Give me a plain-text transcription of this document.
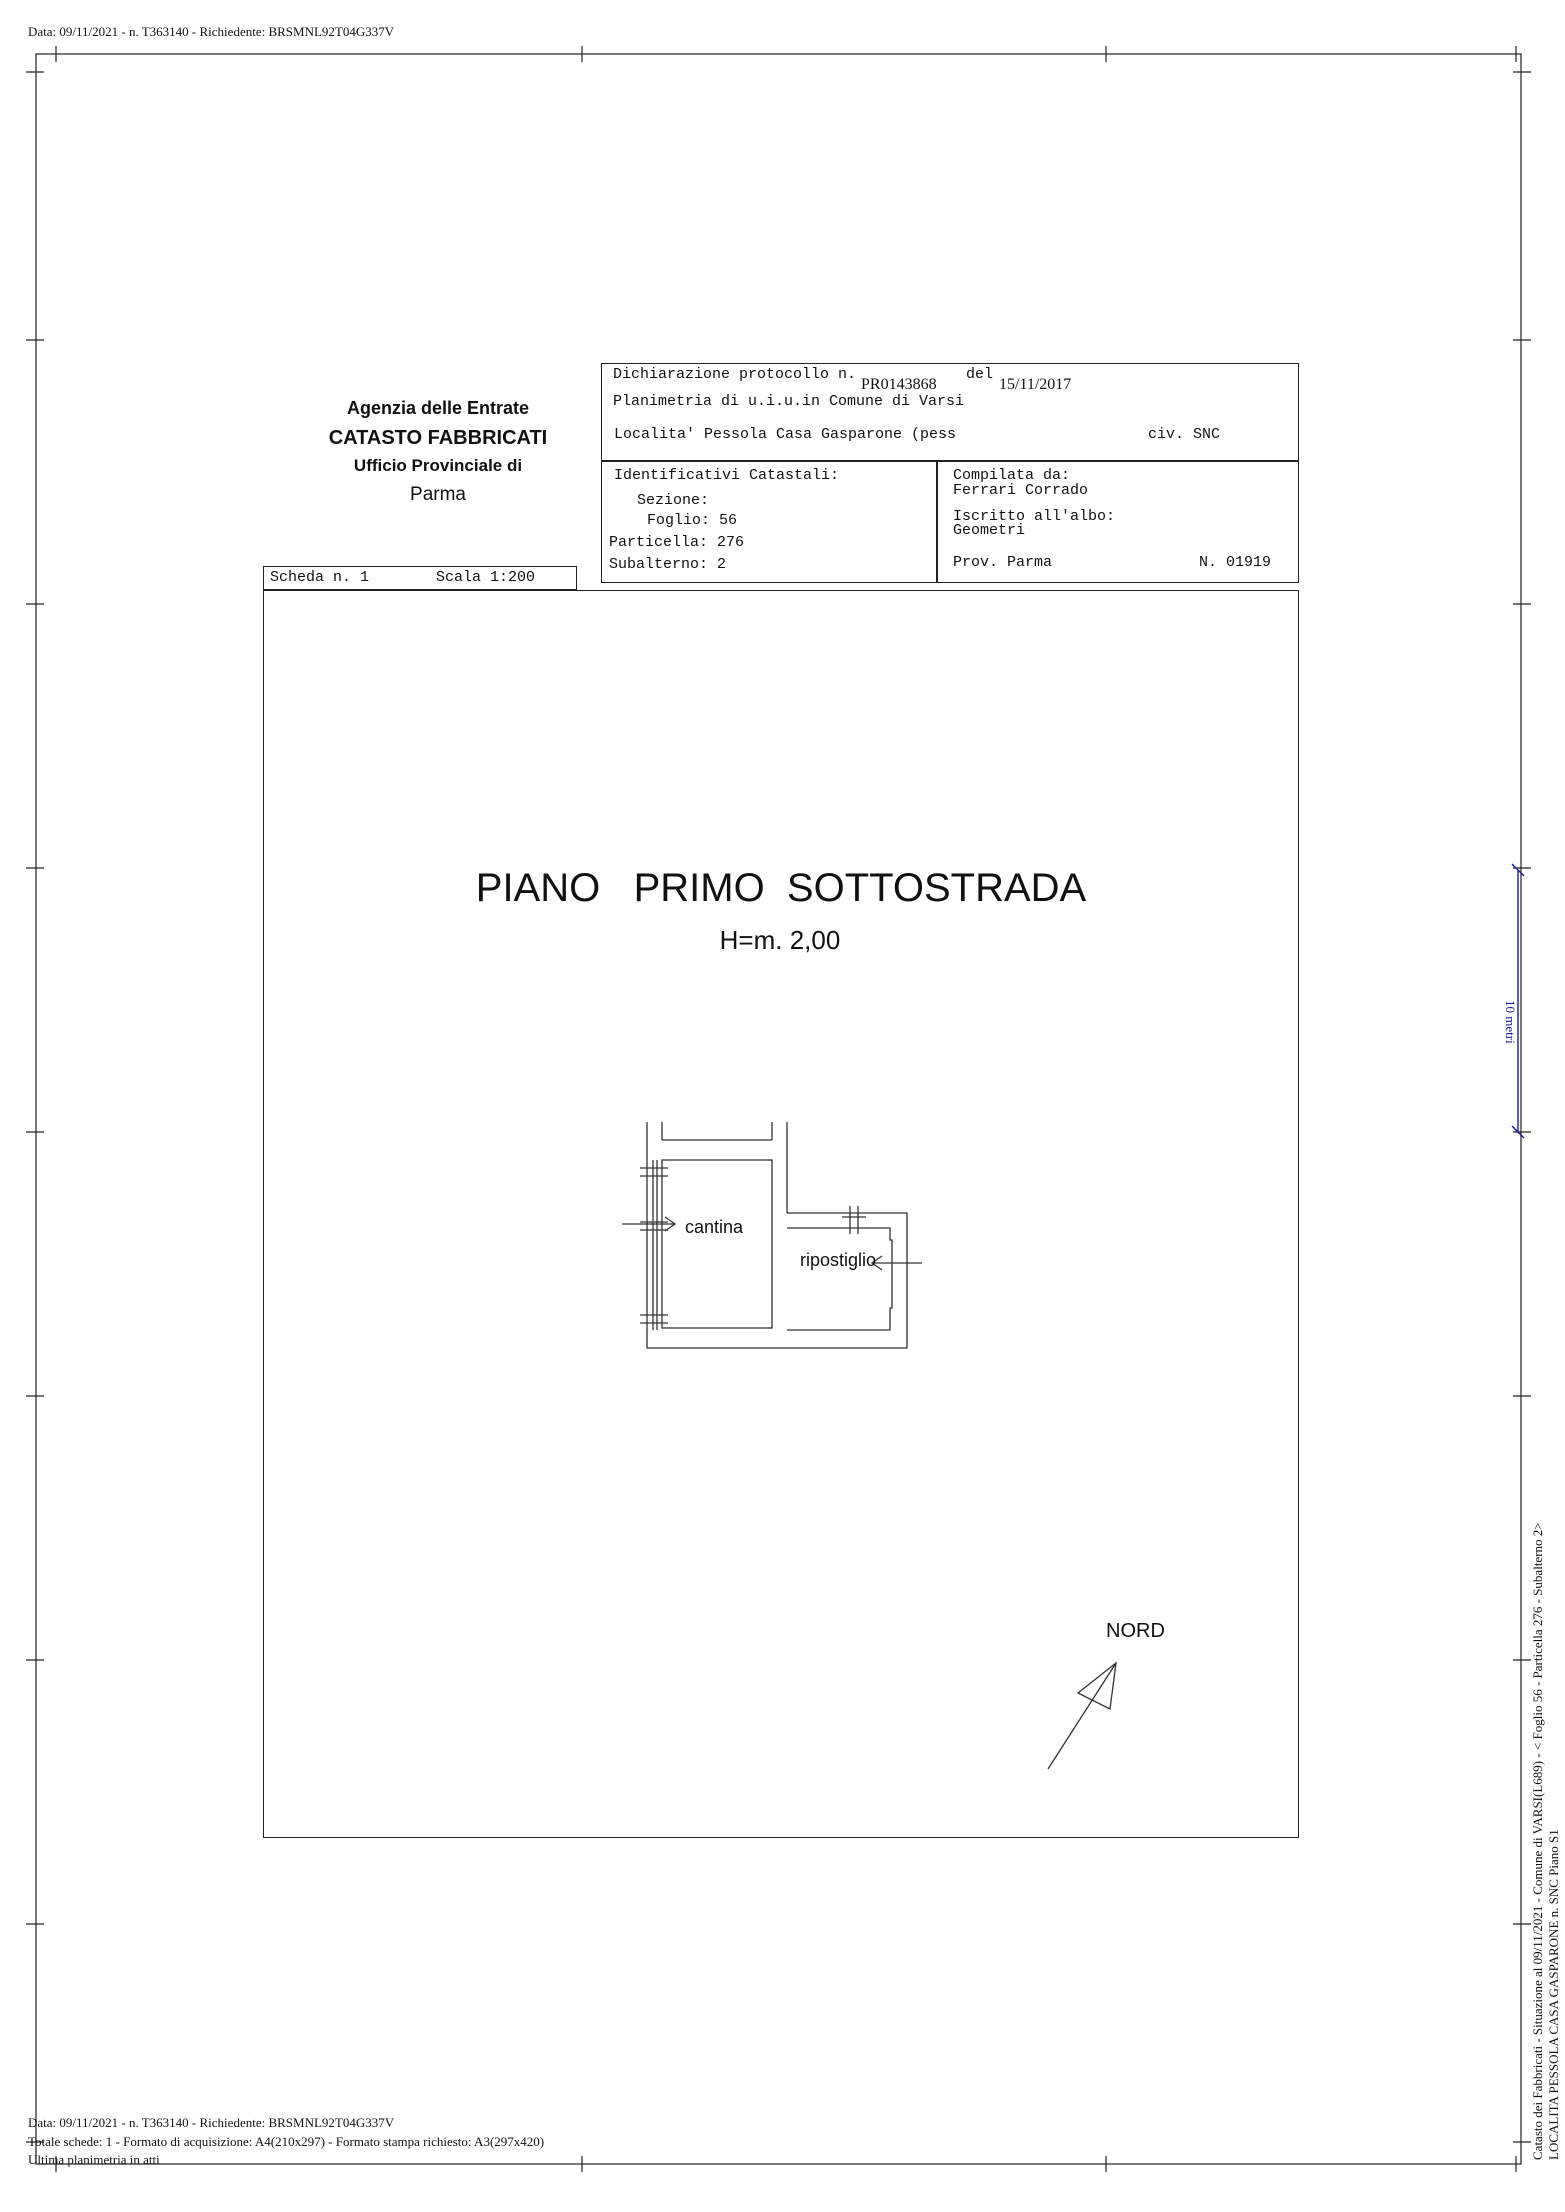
Data: 09/11/2021 - n. T363140 - Richiedente: BRSMNL92T04G337V
10 metri
Catasto dei Fabbricati - Situazione al 09/11/2021 - Comune di VARSI(L689) - < Foglio 56 - Particella 276 - Subalterno 2> LOCALITA PESSOLA CASA GASPARONE n. SNC Piano S1
Agenzia delle Entrate
CATASTO FABBRICATI
Ufficio Provinciale di
Parma
Dichiarazione protocollo n.
PR0143868
del
15/11/2017
Planimetria di u.i.u.in Comune di Varsi
Localita' Pessola Casa Gasparone (pess	civ. SNC
Identificativi Catastali:
Sezione:
Foglio: 56
Particella: 276
Subalterno: 2
Compilata da:
Ferrari Corrado
Iscritto all'albo:
Geometri
Prov. Parma	N. 01919
Scheda n. 1	Scala 1:200
PIANO   PRIMO  SOTTOSTRADA
H=m. 2,00
cantina
ripostiglio
NORD
Data: 09/11/2021 - n. T363140 - Richiedente: BRSMNL92T04G337V
Totale schede: 1 - Formato di acquisizione: A4(210x297) - Formato stampa richiesto: A3(297x420)
Ultima planimetria in atti
